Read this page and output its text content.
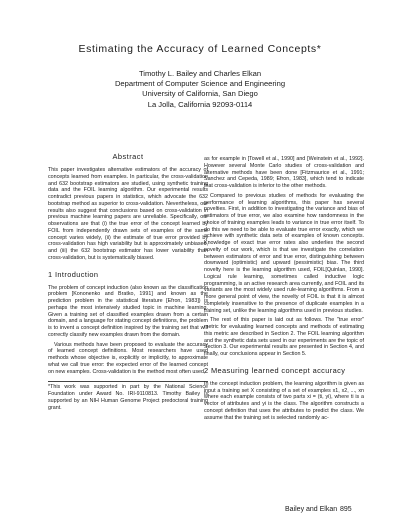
Estimating the Accuracy of Learned Concepts*
Timothy L. Bailey and Charles Elkan
Department of Computer Science and Engineering
University of California, San Diego
La Jolla, California 92093-0114
Abstract

This paper investigates alternative estimators of the accuracy of concepts learned from examples. In particular, the cross-validation and 632 bootstrap estimators are studied, using synthetic training data and the FOIL learning algorithm. Our experimental results contradict previous papers in statistics, which advocate the 632 bootstrap method as superior to cross-validation. Nevertheless, our results also suggest that conclusions based on cross-validation in previous machine learning papers are unreliable. Specifically, our observations are that (i) the true error of the concept learned by FOIL from independently drawn sets of examples of the same concept varies widely, (ii) the estimate of true error provided by cross-validation has high variability but is approximately unbiased, and (iii) the 632 bootstrap estimator has lower variability than cross-validation, but is systematically biased.

1 Introduction

The problem of concept induction (also known as the classification problem [Kononenko and Bratko, 1991] and known as the prediction problem in the statistical literature [Efron, 1983]) is perhaps the most intensively studied topic in machine learning. Given a training set of classified examples drawn from a certain domain, and a language for stating concept definitions, the problem is to invent a concept definition inspired by the training set that will correctly classify new examples drawn from the domain.

Various methods have been proposed to evaluate the accuracy of learned concept definitions. Most researchers have used methods whose objective is, explicitly or implicitly, to approximate what we call true error: the expected error of the learned concept on new examples. Cross-validation is the method most often used,

*This work was supported in part by the National Science Foundation under Award No. IRI-9110813. Timothy Bailey is supported by an NIH Human Genome Project predoctoral training grant.

as for example in [Towell et al., 1990] and [Weinstein et al., 1992]. However several Monte Carlo studies of cross-validation and alternative methods have been done [Fitzmaurice et al., 1991; Sanchez and Cepeda, 1989; Efron, 1983], which tend to indicate that cross-validation is inferior to the other methods.

Compared to previous studies of methods for evaluating the performance of learning algorithms, this paper has several novelties. First, in addition to investigating the variance and bias of estimators of true error, we also examine how randomness in the choice of training examples leads to variance in true error itself. To do this we need to be able to evaluate true error exactly, which we achieve with synthetic data sets of examples of known concepts. Knowledge of exact true error rates also underlies the second novelty of our work, which is that we investigate the correlation between estimators of error and true error, distinguishing between downward (optimistic) and upward (pessimistic) bias. The third novelty here is the learning algorithm used, FOIL[Quinlan, 1990]. Logical rule learning, sometimes called inductive logic programming, is an active research area currently, and FOIL and its variants are the most widely used rule-learning algorithms. From a more general point of view, the novelty of FOIL is that it is almost completely insensitive to the presence of duplicate examples in a training set, unlike the learning algorithms used in previous studies.

The rest of this paper is laid out as follows. The "true error" metric for evaluating learned concepts and methods of estimating this metric are described in Section 2. The FOIL learning algorithm and the synthetic data sets used in our experiments are the topic of Section 3. Our experimental results are presented in Section 4, and finally, our conclusions appear in Section 5.

2 Measuring learned concept accuracy

In the concept induction problem, the learning algorithm is given as input a training set X consisting of a set of examples x1, x2, ..., xn where each example consists of two parts xi = (ti, yi), where ti is a vector of attributes and yi is the class. The algorithm constructs a concept definition that uses the attributes to predict the class. We assume that the training set is selected randomly ac-

Bailey and Elkan 895
